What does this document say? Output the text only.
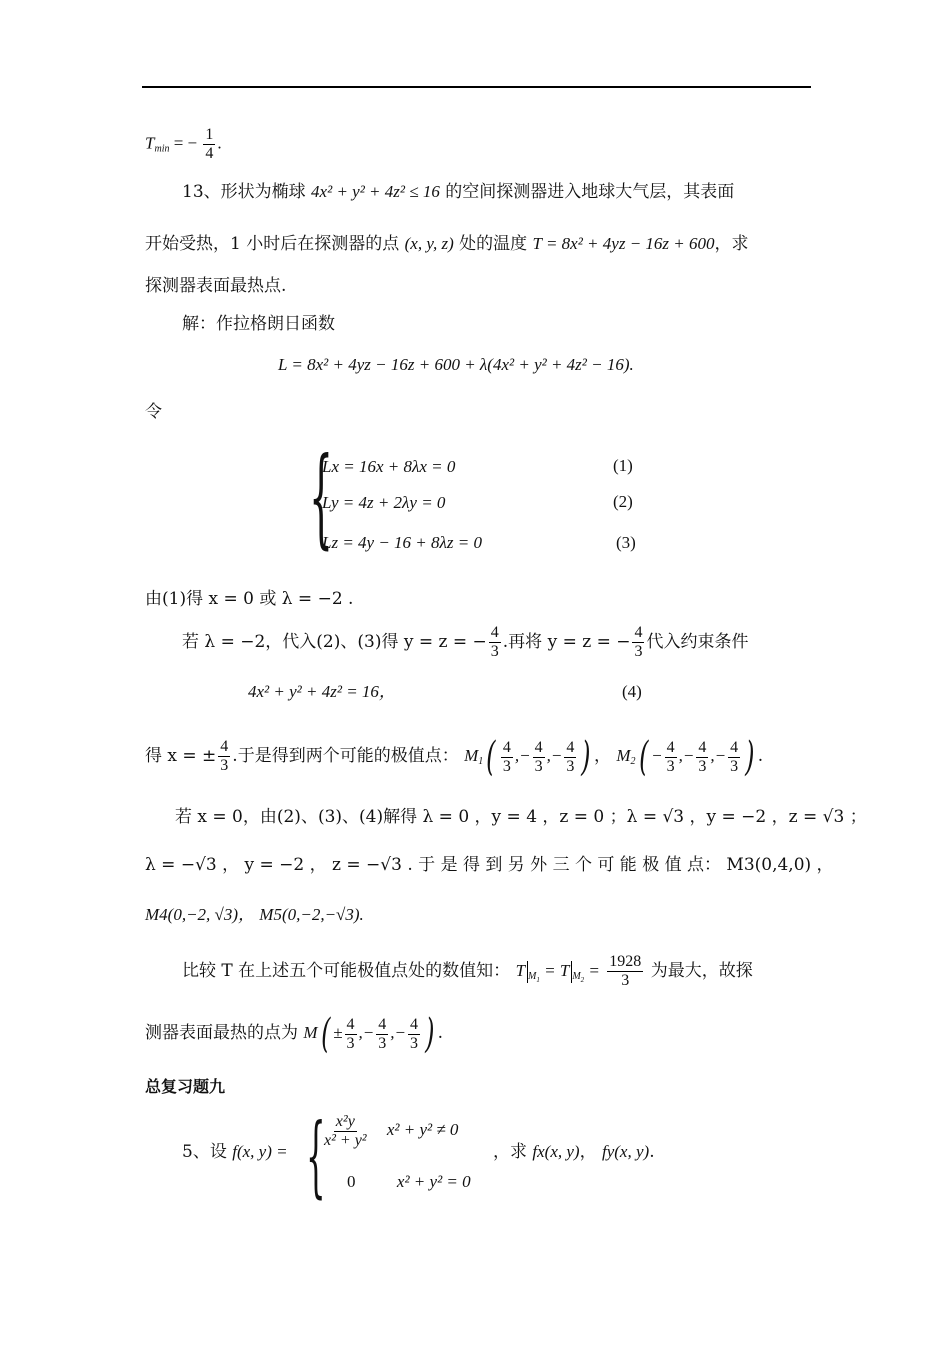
$T_{min}$ = − $\frac{1}{4}$ .
13、形状为椭球 4x² + y² + 4z² ≤ 16 的空间探测器进入地球大气层，其表面
开始受热，1 小时后在探测器的点 (x, y, z) 处的温度 T = 8x² + 4yz − 16z + 600，求
探测器表面最热点.
解：作拉格朗日函数
L = 8x² + 4yz − 16z + 600 + λ(4x² + y² + 4z² − 16).
令
{
Lx = 16x + 8λx = 0	(1)
Ly = 4z + 2λy = 0	(2)
Lz = 4y − 16 + 8λz = 0	(3)
由(1)得 x = 0 或 λ = −2 .
若 λ = −2，代入(2)、(3)得 y = z = − $\frac{4}{3}$ .再将 y = z = − $\frac{4}{3}$ 代入约束条件
4x² + y² + 4z² = 16，	(4)
得 x = ± $\frac{4}{3}$ .于是得到两个可能的极值点： $M_1( \frac{4}{3}$ ,− $\frac{4}{3}$ ,− $\frac{4}{3}$ ) ， $M_2( - \frac{4}{3}$ ,− $\frac{4}{3}$ ,− $\frac{4}{3}$ ) .
若 x = 0，由(2)、(3)、(4)解得 λ = 0 ，y = 4 ，z = 0 ；λ = √3 ，y = −2 ，z = √3 ；
λ = −√3 ， y = −2 ， z = −√3 . 于 是 得 到 另 外 三 个 可 能 极 值 点： M3(0,4,0) ，
M4(0,−2, √3)， M5(0,−2,−√3).
比较 T 在上述五个可能极值点处的数值知： T $_{M_1}$ = T $_{M_2} = \frac{1928}{3}$ 为最大，故探
测器表面最热的点为 $M( \pm \frac{4}{3}$ ,− $\frac{4}{3}$ ,− $\frac{4}{3}$ ) .
总复习题九
5、设 f(x, y) = {
$\frac{\text{x²y}}{\text{x² + y²}} x^2 + y^2 \ne 0$
0 x² + y² = 0
，求 fx(x, y)， fy(x, y).
